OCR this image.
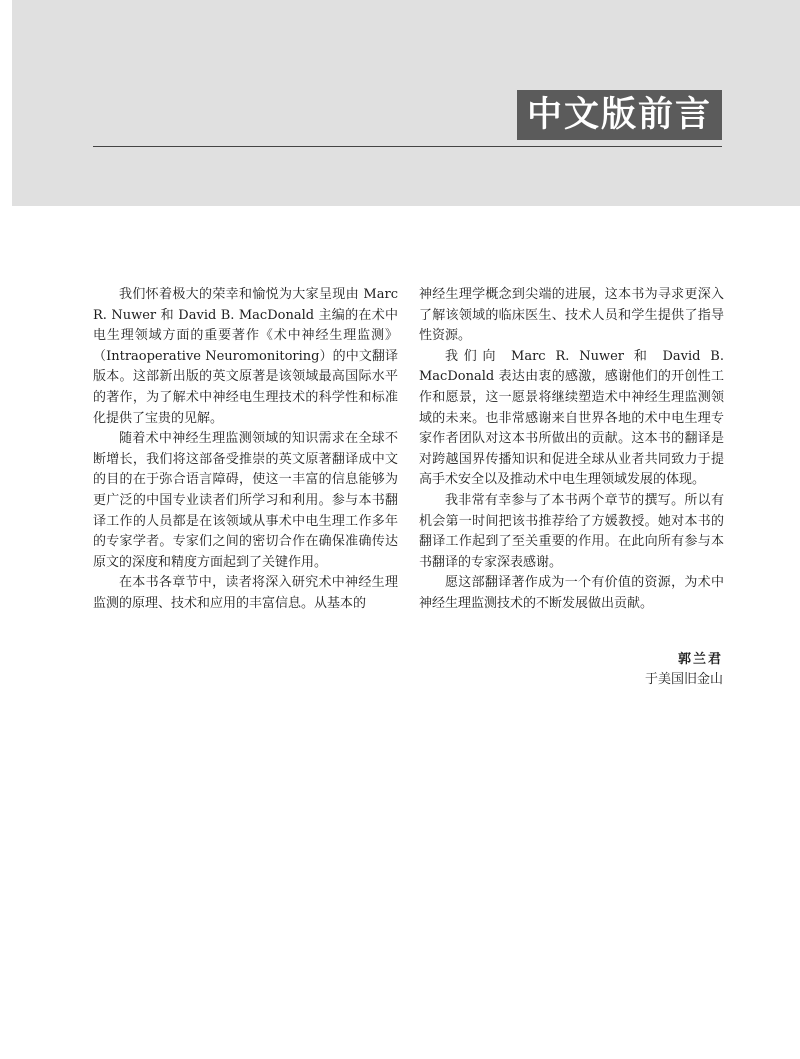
中文版前言

我们怀着极大的荣幸和愉悦为大家呈现由 Marc R. Nuwer 和 David B. MacDonald 主编的在术中电生理领域方面的重要著作《术中神经生理监测》（Intraoperative Neuromonitoring）的中文翻译版本。这部新出版的英文原著是该领域最高国际水平的著作，为了解术中神经电生理技术的科学性和标准化提供了宝贵的见解。

随着术中神经生理监测领域的知识需求在全球不断增长，我们将这部备受推崇的英文原著翻译成中文的目的在于弥合语言障碍，使这一丰富的信息能够为更广泛的中国专业读者们所学习和利用。参与本书翻译工作的人员都是在该领域从事术中电生理工作多年的专家学者。专家们之间的密切合作在确保准确传达原文的深度和精度方面起到了关键作用。

在本书各章节中，读者将深入研究术中神经生理监测的原理、技术和应用的丰富信息。从基本的

神经生理学概念到尖端的进展，这本书为寻求更深入了解该领域的临床医生、技术人员和学生提供了指导性资源。

我们向 Marc R. Nuwer 和 David B. MacDonald 表达由衷的感激，感谢他们的开创性工作和愿景，这一愿景将继续塑造术中神经生理监测领域的未来。也非常感谢来自世界各地的术中电生理专家作者团队对这本书所做出的贡献。这本书的翻译是对跨越国界传播知识和促进全球从业者共同致力于提高手术安全以及推动术中电生理领域发展的体现。

我非常有幸参与了本书两个章节的撰写。所以有机会第一时间把该书推荐给了方媛教授。她对本书的翻译工作起到了至关重要的作用。在此向所有参与本书翻译的专家深表感谢。

愿这部翻译著作成为一个有价值的资源，为术中神经生理监测技术的不断发展做出贡献。

郭兰君
于美国旧金山
